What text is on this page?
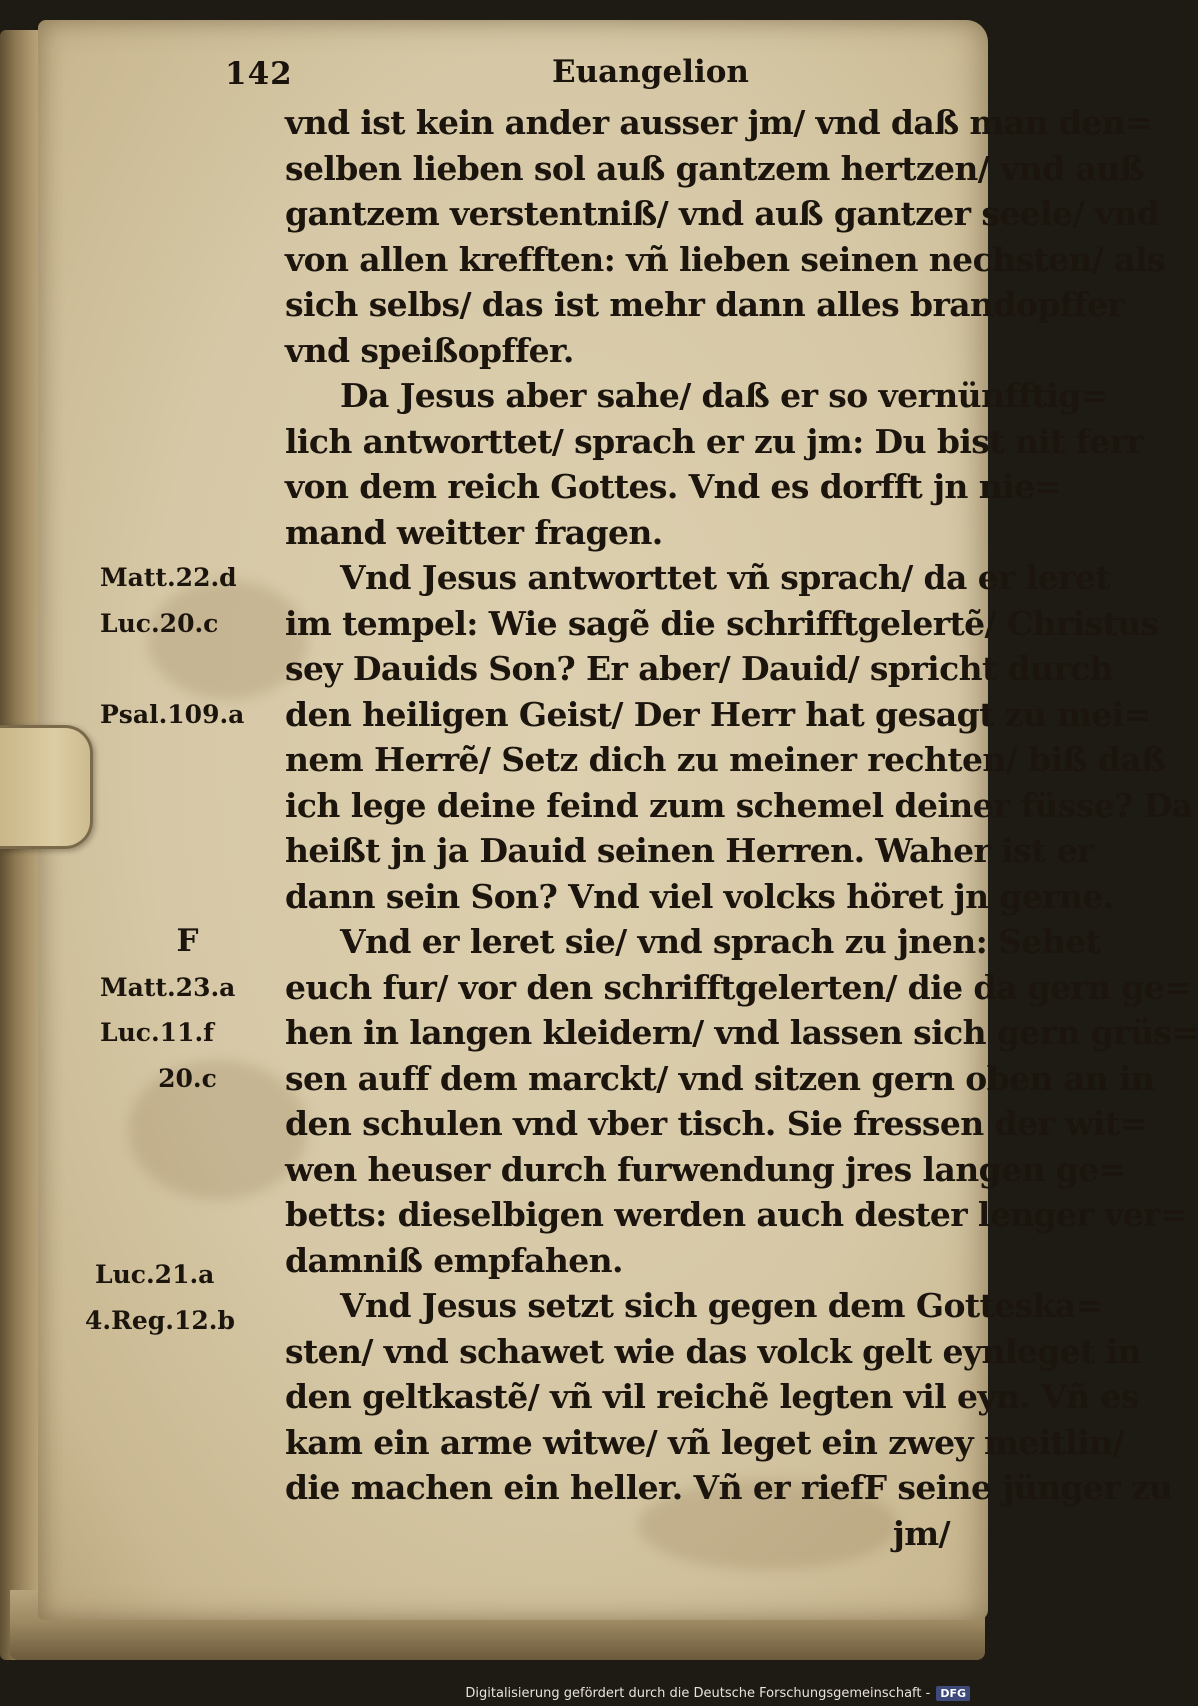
142	Euangelion
vnd ist kein ander ausser jm/ vnd daß man den=
selben lieben sol auß gantzem hertzen/ vnd auß
gantzem verstentniß/ vnd auß gantzer seele/ vnd
von allen krefften: vñ lieben seinen nechsten/ als
sich selbs/ das ist mehr dann alles brandopffer
vnd speißopffer.
Da Jesus aber sahe/ daß er so vernünfftig=
lich antworttet/ sprach er zu jm: Du bist nit ferr
von dem reich Gottes. Vnd es dorfft jn nie=
mand weitter fragen.
Vnd Jesus antworttet vñ sprach/ da er leret
im tempel: Wie sagẽ die schrifftgelertẽ/ Christus
sey Dauids Son? Er aber/ Dauid/ spricht durch
den heiligen Geist/ Der Herr hat gesagt zu mei=
nem Herrẽ/ Setz dich zu meiner rechten/ biß daß
ich lege deine feind zum schemel deiner füsse? Da
heißt jn ja Dauid seinen Herren. Waher ist er
dann sein Son? Vnd viel volcks höret jn gerne.
Vnd er leret sie/ vnd sprach zu jnen: Sehet
euch fur/ vor den schrifftgelerten/ die da gern ge=
hen in langen kleidern/ vnd lassen sich gern grüs=
sen auff dem marckt/ vnd sitzen gern oben an in
den schulen vnd vber tisch. Sie fressen der wit=
wen heuser durch furwendung jres langen ge=
betts: dieselbigen werden auch dester lenger ver=
damniß empfahen.
Vnd Jesus setzt sich gegen dem Gotteska=
sten/ vnd schawet wie das volck gelt eynleget in
den geltkastẽ/ vñ vil reichẽ legten vil eyn. Vñ es
kam ein arme witwe/ vñ leget ein zwey meitlin/
die machen ein heller. Vñ er riefF seine jünger zu
jm/
Matt.22.d
Luc.20.c
Psal.109.a
F
Matt.23.a
Luc.11.f
20.c
Luc.21.a
4.Reg.12.b
Digitalisierung gefördert durch die Deutsche Forschungsgemeinschaft - DFG
